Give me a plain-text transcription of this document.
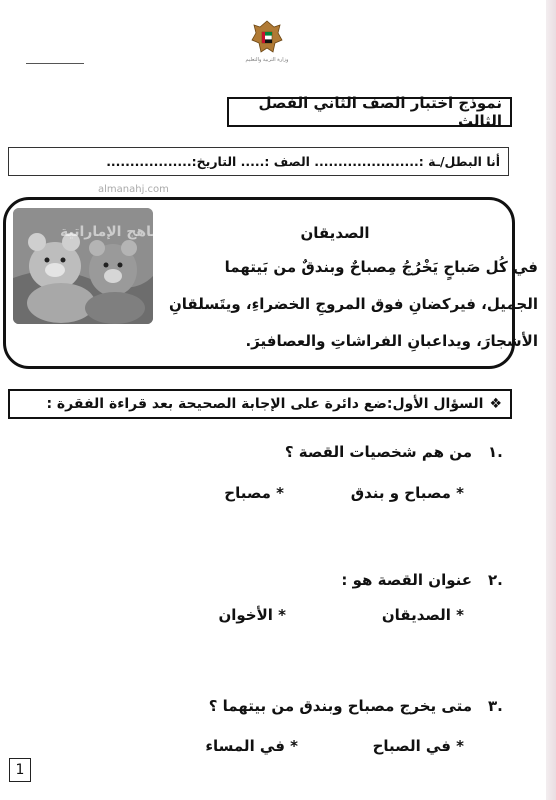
وزارة التربية والتعليم
نموذج اختبار الصف الثاني الفصل الثالث
أنا البطل/ـة :...................... الصف :..... التاريخ:..................
almanahj.com
موقع المناهج الإماراتية	الصديقان
في كُل صَباحٍ يَخْرُجُ مِصباحٌ وبندقٌ من بَيتهما
الجميل، فيركضانِ فوق المروجِ الخضراءِ، ويتَسلقانِ
الأشجارَ، ويداعبانِ الفراشاتِ والعصافيرَ.
❖
السؤال الأول:ضع دائرة على الإجابة الصحيحة بعد قراءة الفقرة :
١.
من هم شخصيات القصة ؟
* مصباح و بندق
* مصباح
٢.
عنوان القصة هو :
* الصديقان
* الأخوان
٣.
متى يخرج مصباح وبندق من بيتهما ؟
* في الصباح
* في المساء
1
